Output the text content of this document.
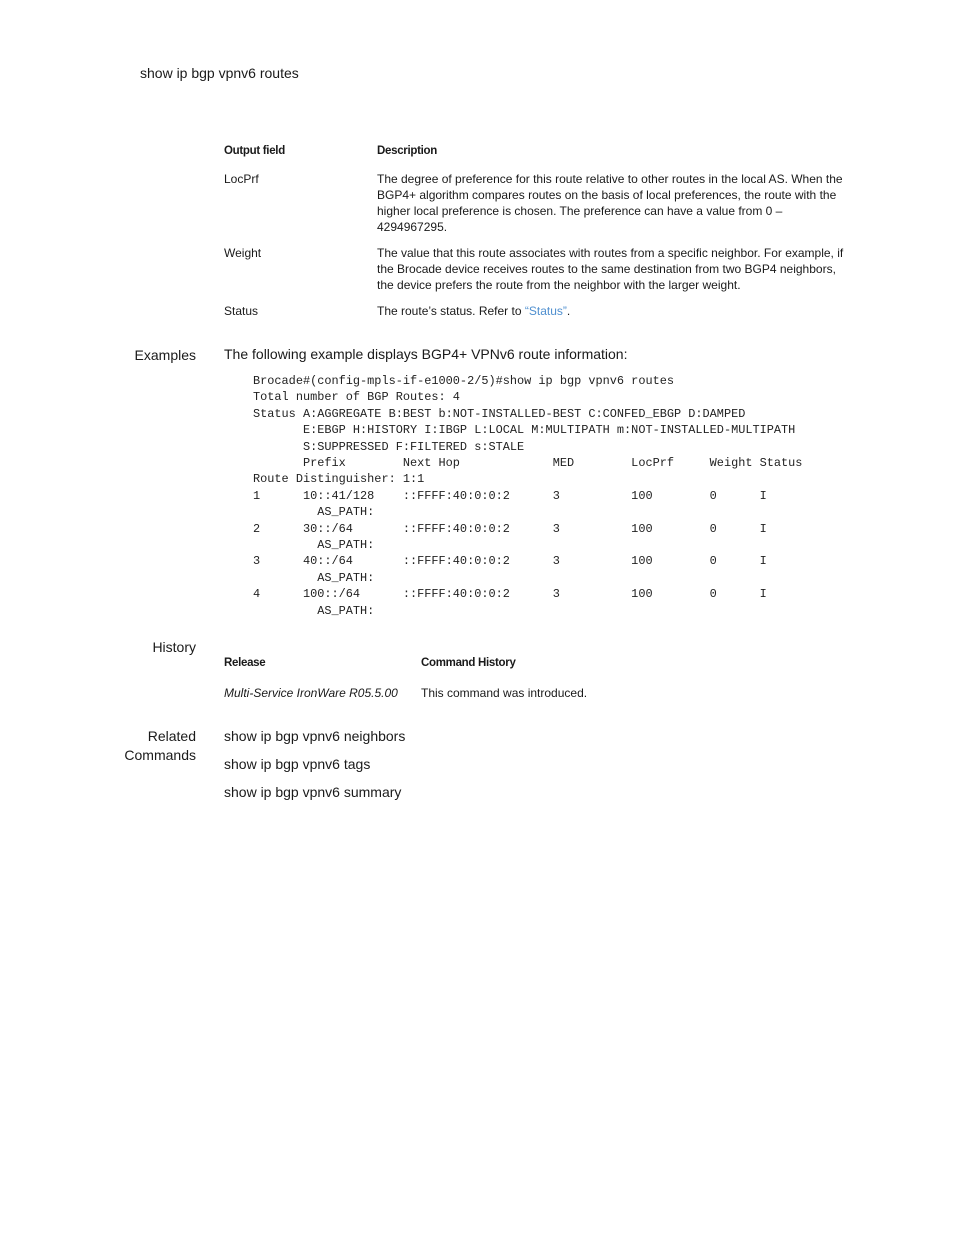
show ip bgp vpnv6 routes
Output field	Description
LocPrf	The degree of preference for this route relative to other routes in the local AS. When the BGP4+ algorithm compares routes on the basis of local preferences, the route with the higher local preference is chosen. The preference can have a value from 0 – 4294967295.
Weight	The value that this route associates with routes from a specific neighbor. For example, if the Brocade device receives routes to the same destination from two BGP4 neighbors, the device prefers the route from the neighbor with the larger weight.
Status	The route’s status. Refer to “Status”.
Examples The following example displays BGP4+ VPNv6 route information:
Brocade#(config-mpls-if-e1000-2/5)#show ip bgp vpnv6 routes
Total number of BGP Routes: 4
Status A:AGGREGATE B:BEST b:NOT-INSTALLED-BEST C:CONFED_EBGP D:DAMPED
E:EBGP H:HISTORY I:IBGP L:LOCAL M:MULTIPATH m:NOT-INSTALLED-MULTIPATH
S:SUPPRESSED F:FILTERED s:STALE
Prefix        Next Hop             MED        LocPrf     Weight Status
Route Distinguisher: 1:1
1      10::41/128    ::FFFF:40:0:0:2      3          100        0      I
AS_PATH:
2      30::/64       ::FFFF:40:0:0:2      3          100        0      I
AS_PATH:
3      40::/64       ::FFFF:40:0:0:2      3          100        0      I
AS_PATH:
4      100::/64      ::FFFF:40:0:0:2      3          100        0      I
AS_PATH:
History
Release	Command History
Multi-Service IronWare R05.5.00	This command was introduced.
Related
Commands
show ip bgp vpnv6 neighbors
show ip bgp vpnv6 tags
show ip bgp vpnv6 summary
